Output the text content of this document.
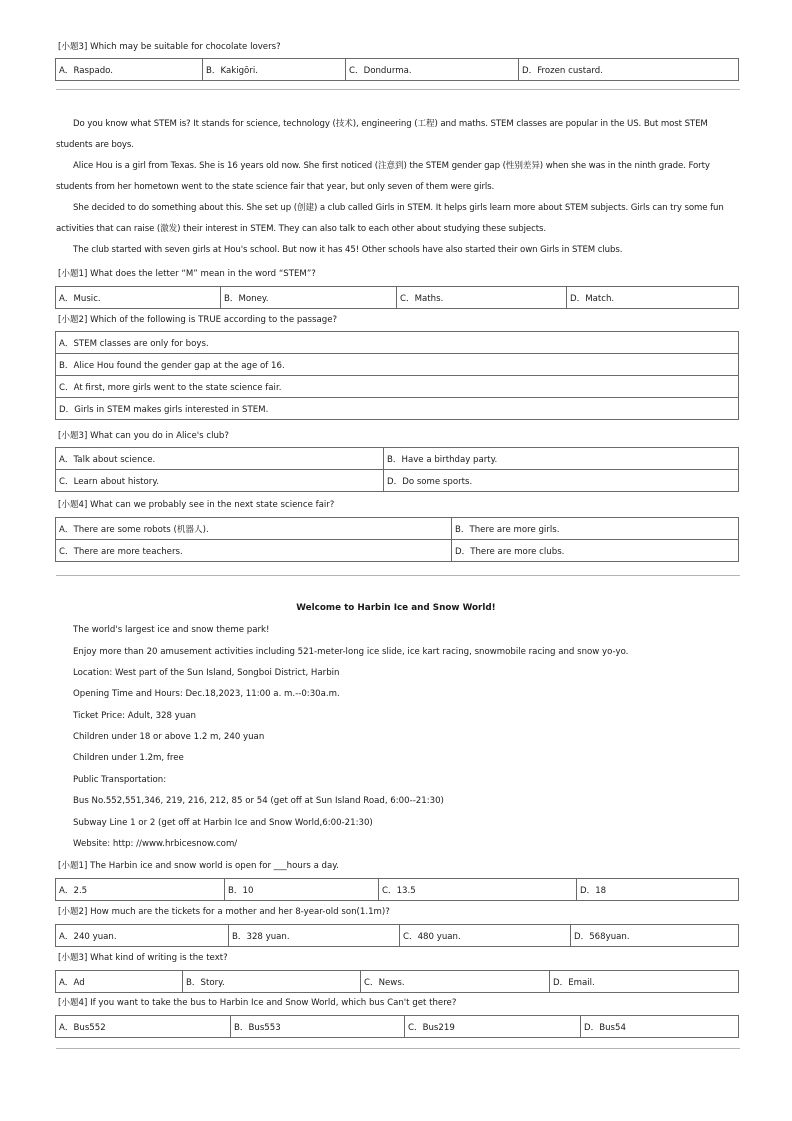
[小题3] Which may be suitable for chocolate lovers?
A．Raspado.	B．Kakigōri.	C．Dondurma.	D．Frozen custard.
Do you know what STEM is? It stands for science, technology (技术), engineering (工程) and maths. STEM classes are popular in the US. But most STEM students are boys.
Alice Hou is a girl from Texas. She is 16 years old now. She first noticed (注意到) the STEM gender gap (性别差异) when she was in the ninth grade. Forty students from her hometown went to the state science fair that year, but only seven of them were girls.
She decided to do something about this. She set up (创建) a club called Girls in STEM. It helps girls learn more about STEM subjects. Girls can try some fun activities that can raise (激发) their interest in STEM. They can also talk to each other about studying these subjects.
The club started with seven girls at Hou's school. But now it has 45! Other schools have also started their own Girls in STEM clubs.
[小题1] What does the letter “M” mean in the word “STEM”?
A．Music.	B．Money.	C．Maths.	D．Match.
[小题2] Which of the following is TRUE according to the passage?
A．STEM classes are only for boys.
B．Alice Hou found the gender gap at the age of 16.
C．At first, more girls went to the state science fair.
D．Girls in STEM makes girls interested in STEM.
[小题3] What can you do in Alice's club?
A．Talk about science.	B．Have a birthday party.
C．Learn about history.	D．Do some sports.
[小题4] What can we probably see in the next state science fair?
A．There are some robots (机器人).	B．There are more girls.
C．There are more teachers.	D．There are more clubs.
Welcome to Harbin Ice and Snow World!
The world's largest ice and snow theme park!
Enjoy more than 20 amusement activities including 521-meter-long ice slide, ice kart racing, snowmobile racing and snow yo-yo.
Location: West part of the Sun Island, Songboi District, Harbin
Opening Time and Hours: Dec.18,2023, 11:00 a. m.--0:30a.m.
Ticket Price: Adult, 328 yuan
Children under 18 or above 1.2 m, 240 yuan
Children under 1.2m, free
Public Transportation:
Bus No.552,551,346, 219, 216, 212, 85 or 54 (get off at Sun Island Road, 6:00--21:30)
Subway Line 1 or 2 (get off at Harbin Ice and Snow World,6:00-21:30)
Website: http: //www.hrbicesnow.com/
[小题1] The Harbin ice and snow world is open for ___hours a day.
A．2.5	B．10	C．13.5	D．18
[小题2] How much are the tickets for a mother and her 8-year-old son(1.1m)?
A．240 yuan.	B．328 yuan.	C．480 yuan.	D．568yuan.
[小题3] What kind of writing is the text?
A．Ad	B．Story.	C．News.	D．Email.
[小题4] If you want to take the bus to Harbin Ice and Snow World, which bus Can't get there?
A．Bus552	B．Bus553	C．Bus219	D．Bus54
